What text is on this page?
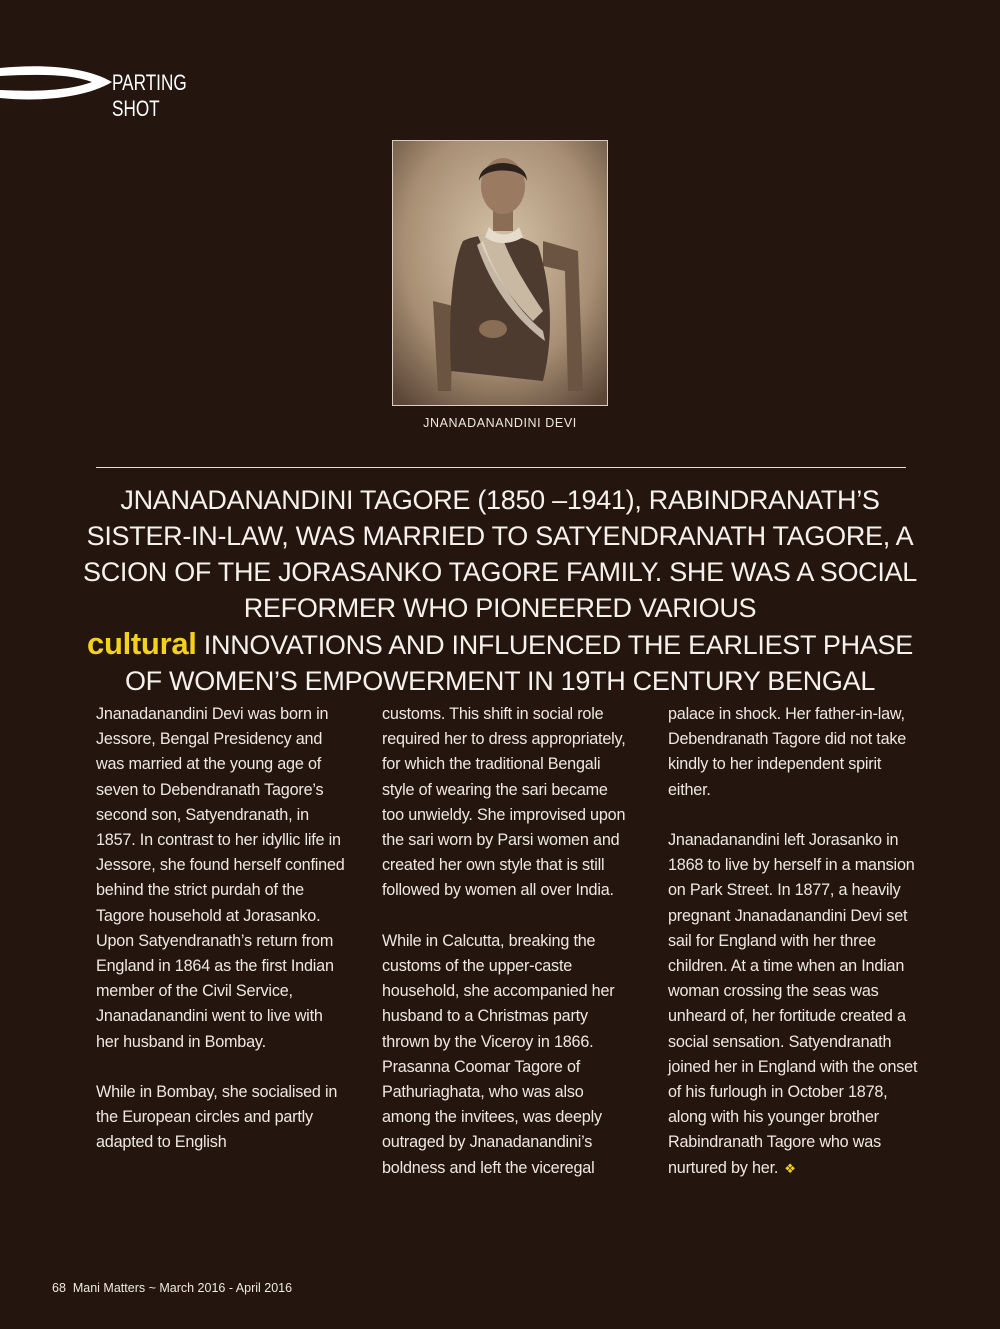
PARTING SHOT
JNANADANANDINI DEVI
JNANADANANDINI TAGORE (1850 –1941), RABINDRANATH’S SISTER-IN-LAW, WAS MARRIED TO SATYENDRANATH TAGORE, A SCION OF THE JORASANKO TAGORE FAMILY. SHE WAS A SOCIAL REFORMER WHO PIONEERED VARIOUS
cultural INNOVATIONS AND INFLUENCED THE EARLIEST PHASE OF WOMEN’S EMPOWERMENT IN 19TH CENTURY BENGAL

Jnanadanandini Devi was born in Jessore, Bengal Presidency and was married at the young age of seven to Debendranath Tagore’s second son, Satyendranath, in 1857. In contrast to her idyllic life in Jessore, she found herself confined behind the strict purdah of the Tagore household at Jorasanko. Upon Satyendranath’s return from England in 1864 as the first Indian member of the Civil Service, Jnanadanandini went to live with her husband in Bombay.

While in Bombay, she socialised in the European circles and partly adapted to English

customs. This shift in social role required her to dress appropriately, for which the traditional Bengali style of wearing the sari became too unwieldy. She improvised upon the sari worn by Parsi women and created her own style that is still followed by women all over India.

While in Calcutta, breaking the customs of the upper-caste household, she accompanied her husband to a Christmas party thrown by the Viceroy in 1866. Prasanna Coomar Tagore of Pathuriaghata, who was also among the invitees, was deeply outraged by Jnanadanandini’s boldness and left the viceregal

palace in shock. Her father-in-law, Debendranath Tagore did not take kindly to her independent spirit either.

Jnanadanandini left Jorasanko in 1868 to live by herself in a mansion on Park Street. In 1877, a heavily pregnant Jnanadanandini Devi set sail for England with her three children. At a time when an Indian woman crossing the seas was unheard of, her fortitude created a social sensation. Satyendranath joined her in England with the onset of his furlough in October 1878, along with his younger brother Rabindranath Tagore who was nurtured by her. ❖

68 Mani Matters ~ March 2016 - April 2016
